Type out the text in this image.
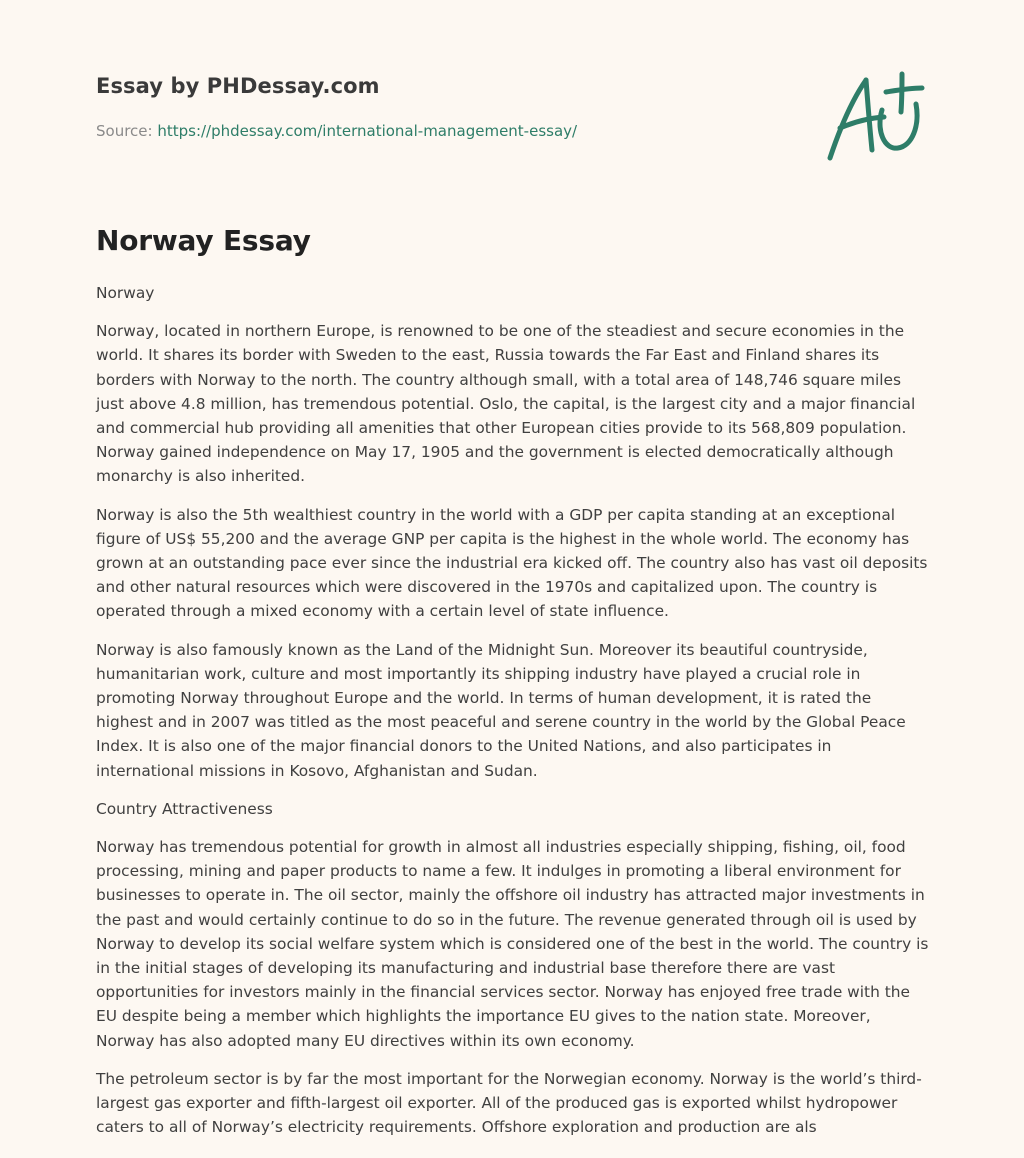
Essay by PHDessay.com
Source: https://phdessay.com/international-management-essay/
Norway Essay

Norway

Norway, located in northern Europe, is renowned to be one of the steadiest and secure economies in the world. It shares its border with Sweden to the east, Russia towards the Far East and Finland shares its borders with Norway to the north. The country although small, with a total area of 148,746 square miles just above 4.8 million, has tremendous potential. Oslo, the capital, is the largest city and a major financial and commercial hub providing all amenities that other European cities provide to its 568,809 population. Norway gained independence on May 17, 1905 and the government is elected democratically although monarchy is also inherited.

Norway is also the 5th wealthiest country in the world with a GDP per capita standing at an exceptional figure of US$ 55,200 and the average GNP per capita is the highest in the whole world. The economy has grown at an outstanding pace ever since the industrial era kicked off. The country also has vast oil deposits and other natural resources which were discovered in the 1970s and capitalized upon. The country is operated through a mixed economy with a certain level of state influence.

Norway is also famously known as the Land of the Midnight Sun. Moreover its beautiful countryside, humanitarian work, culture and most importantly its shipping industry have played a crucial role in promoting Norway throughout Europe and the world. In terms of human development, it is rated the highest and in 2007 was titled as the most peaceful and serene country in the world by the Global Peace Index. It is also one of the major financial donors to the United Nations, and also participates in international missions in Kosovo, Afghanistan and Sudan.

Country Attractiveness

Norway has tremendous potential for growth in almost all industries especially shipping, fishing, oil, food processing, mining and paper products to name a few. It indulges in promoting a liberal environment for businesses to operate in. The oil sector, mainly the offshore oil industry has attracted major investments in the past and would certainly continue to do so in the future. The revenue generated through oil is used by Norway to develop its social welfare system which is considered one of the best in the world. The country is in the initial stages of developing its manufacturing and industrial base therefore there are vast opportunities for investors mainly in the financial services sector. Norway has enjoyed free trade with the EU despite being a member which highlights the importance EU gives to the nation state. Moreover, Norway has also adopted many EU directives within its own economy.

The petroleum sector is by far the most important for the Norwegian economy. Norway is the world’s third-largest gas exporter and fifth-largest oil exporter. All of the produced gas is exported whilst hydropower caters to all of Norway’s electricity requirements. Offshore exploration and production are als
